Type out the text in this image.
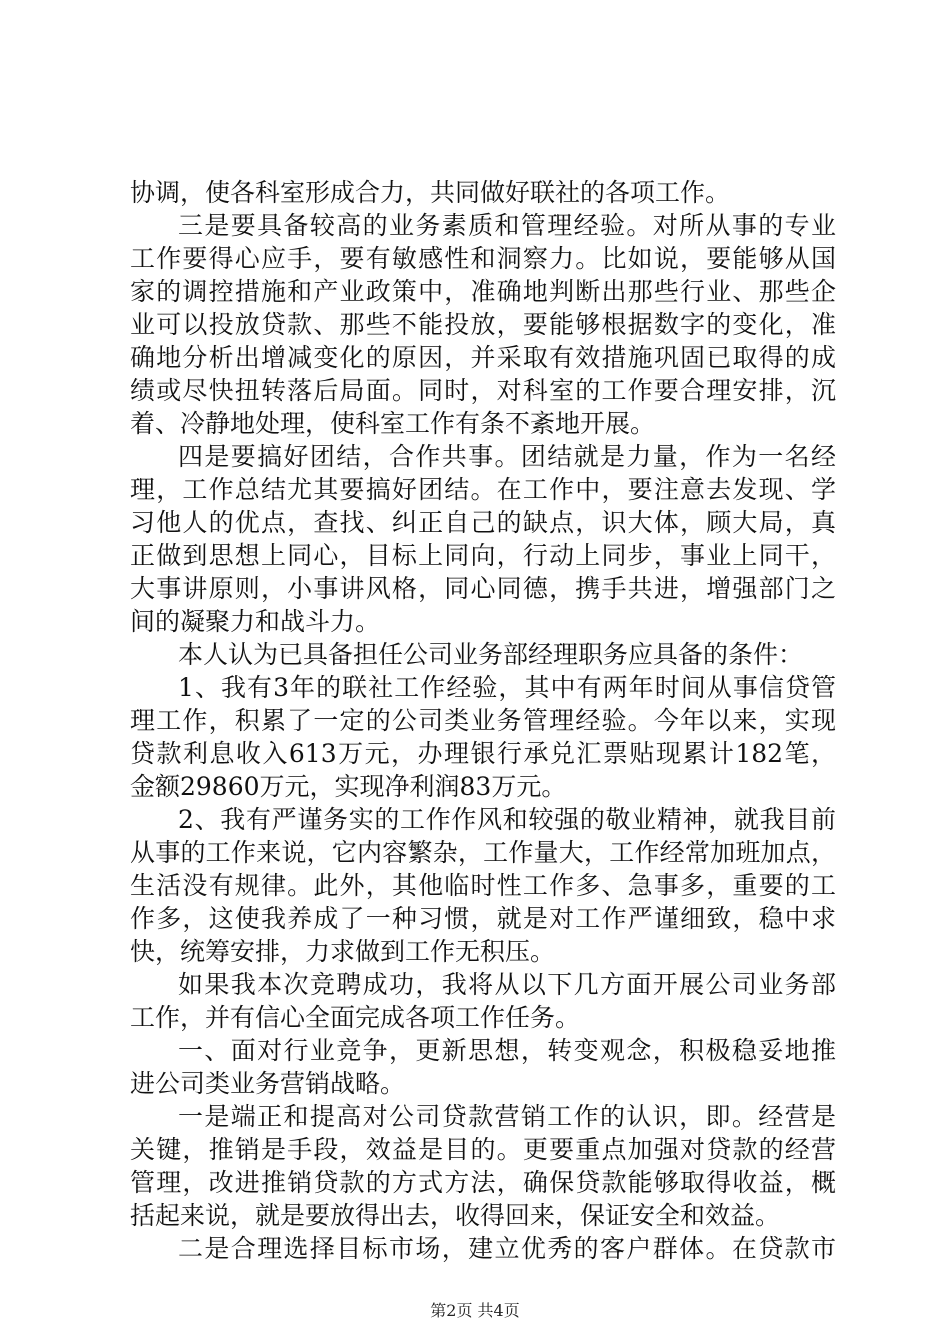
协调，使各科室形成合力，共同做好联社的各项工作。
三是要具备较高的业务素质和管理经验。对所从事的专业
工作要得心应手，要有敏感性和洞察力。比如说，要能够从国
家的调控措施和产业政策中，准确地判断出那些行业、那些企
业可以投放贷款、那些不能投放，要能够根据数字的变化，准
确地分析出增减变化的原因，并采取有效措施巩固已取得的成
绩或尽快扭转落后局面。同时，对科室的工作要合理安排，沉
着、冷静地处理，使科室工作有条不紊地开展。
四是要搞好团结，合作共事。团结就是力量，作为一名经
理，工作总结尤其要搞好团结。在工作中，要注意去发现、学
习他人的优点，查找、纠正自己的缺点，识大体，顾大局，真
正做到思想上同心，目标上同向，行动上同步，事业上同干，
大事讲原则，小事讲风格，同心同德，携手共进，增强部门之
间的凝聚力和战斗力。
本人认为已具备担任公司业务部经理职务应具备的条件：
1、我有3年的联社工作经验，其中有两年时间从事信贷管
理工作，积累了一定的公司类业务管理经验。今年以来，实现
贷款利息收入613万元，办理银行承兑汇票贴现累计182笔，
金额29860万元，实现净利润83万元。
2、我有严谨务实的工作作风和较强的敬业精神，就我目前
从事的工作来说，它内容繁杂，工作量大，工作经常加班加点，
生活没有规律。此外，其他临时性工作多、急事多，重要的工
作多，这使我养成了一种习惯，就是对工作严谨细致，稳中求
快，统筹安排，力求做到工作无积压。
如果我本次竞聘成功，我将从以下几方面开展公司业务部
工作，并有信心全面完成各项工作任务。
一、面对行业竞争，更新思想，转变观念，积极稳妥地推
进公司类业务营销战略。
一是端正和提高对公司贷款营销工作的认识，即。经营是
关键，推销是手段，效益是目的。更要重点加强对贷款的经营
管理，改进推销贷款的方式方法，确保贷款能够取得收益，概
括起来说，就是要放得出去，收得回来，保证安全和效益。
二是合理选择目标市场，建立优秀的客户群体。在贷款市
第2页 共4页
